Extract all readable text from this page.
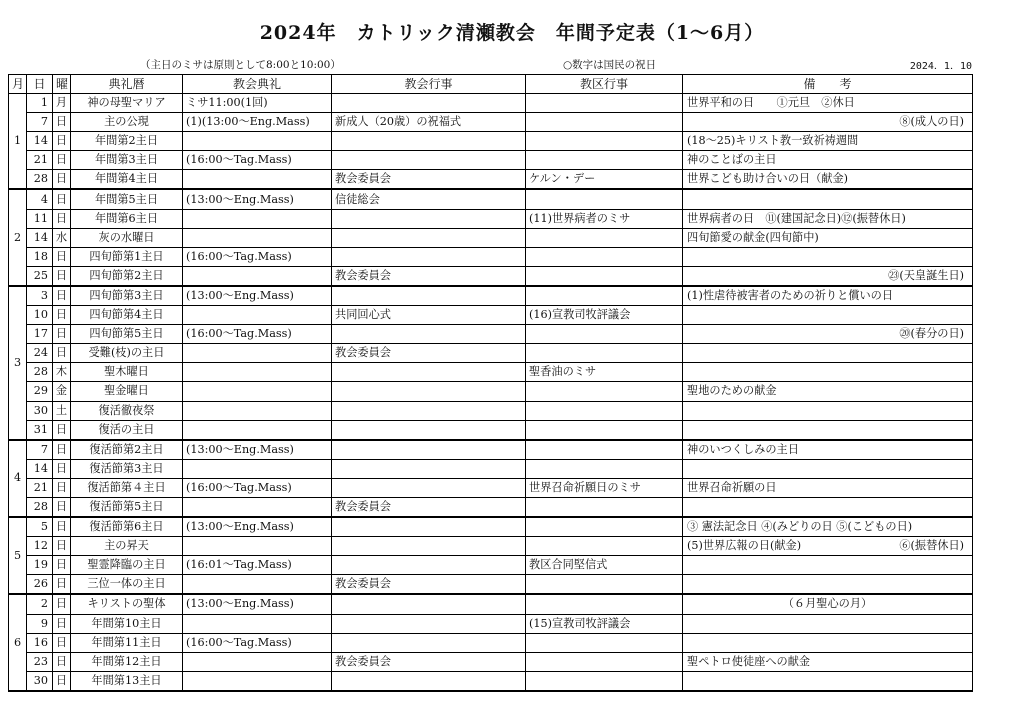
2024年　カトリック清瀬教会　年間予定表（1〜6月）
（主日のミサは原則として8:00と10:00）	○数字は国民の祝日	2024．1．10
月	日	曜	典礼暦	教会典礼	教会行事	教区行事	備　　考
1	1	月	神の母聖マリア	ミサ11:00(1回)			世界平和の日　　①元旦　②休日

	7	日	主の公現	(1)(13:00〜Eng.Mass)	新成人（20歳）の祝福式		⑧(成人の日)

	14	日	年間第2主日				(18〜25)キリスト教一致祈祷週間

	21	日	年間第3主日	(16:00〜Tag.Mass)			神のことばの主日

	28	日	年間第4主日		教会委員会	ケルン・デー	世界こども助け合いの日（献金)

2	4	日	年間第5主日	(13:00〜Eng.Mass)	信徒総会		
	11	日	年間第6主日			(11)世界病者のミサ	世界病者の日　⑪(建国記念日)⑫(振替休日)

	14	水	灰の水曜日				四旬節愛の献金(四旬節中)

	18	日	四旬節第1主日	(16:00〜Tag.Mass)			
	25	日	四旬節第2主日		教会委員会		㉓(天皇誕生日)

3	3	日	四旬節第3主日	(13:00〜Eng.Mass)			(1)性虐待被害者のための祈りと償いの日

	10	日	四旬節第4主日		共同回心式	(16)宣教司牧評議会	
	17	日	四旬節第5主日	(16:00〜Tag.Mass)			⑳(春分の日)

	24	日	受難(枝)の主日		教会委員会		
	28	木	聖木曜日			聖香油のミサ	
	29	金	聖金曜日				聖地のための献金

	30	土	復活徹夜祭				
	31	日	復活の主日				
4	7	日	復活節第2主日	(13:00〜Eng.Mass)			神のいつくしみの主日

	14	日	復活節第3主日				
	21	日	復活節第４主日	(16:00〜Tag.Mass)		世界召命祈願日のミサ	世界召命祈願の日

	28	日	復活節第5主日		教会委員会		
5	5	日	復活節第6主日	(13:00〜Eng.Mass)			③ 憲法記念日 ④(みどりの日 ⑤(こどもの日)

	12	日	主の昇天				(5)世界広報の日(献金) ⑥(振替休日)

	19	日	聖霊降臨の主日	(16:01〜Tag.Mass)		教区合同堅信式	
	26	日	三位一体の主日		教会委員会		
6	2	日	キリストの聖体	(13:00〜Eng.Mass)			（６月聖心の月）

	9	日	年間第10主日			(15)宣教司牧評議会	
	16	日	年間第11主日	(16:00〜Tag.Mass)			
	23	日	年間第12主日		教会委員会		聖ペトロ使徒座への献金

	30	日	年間第13主日				
